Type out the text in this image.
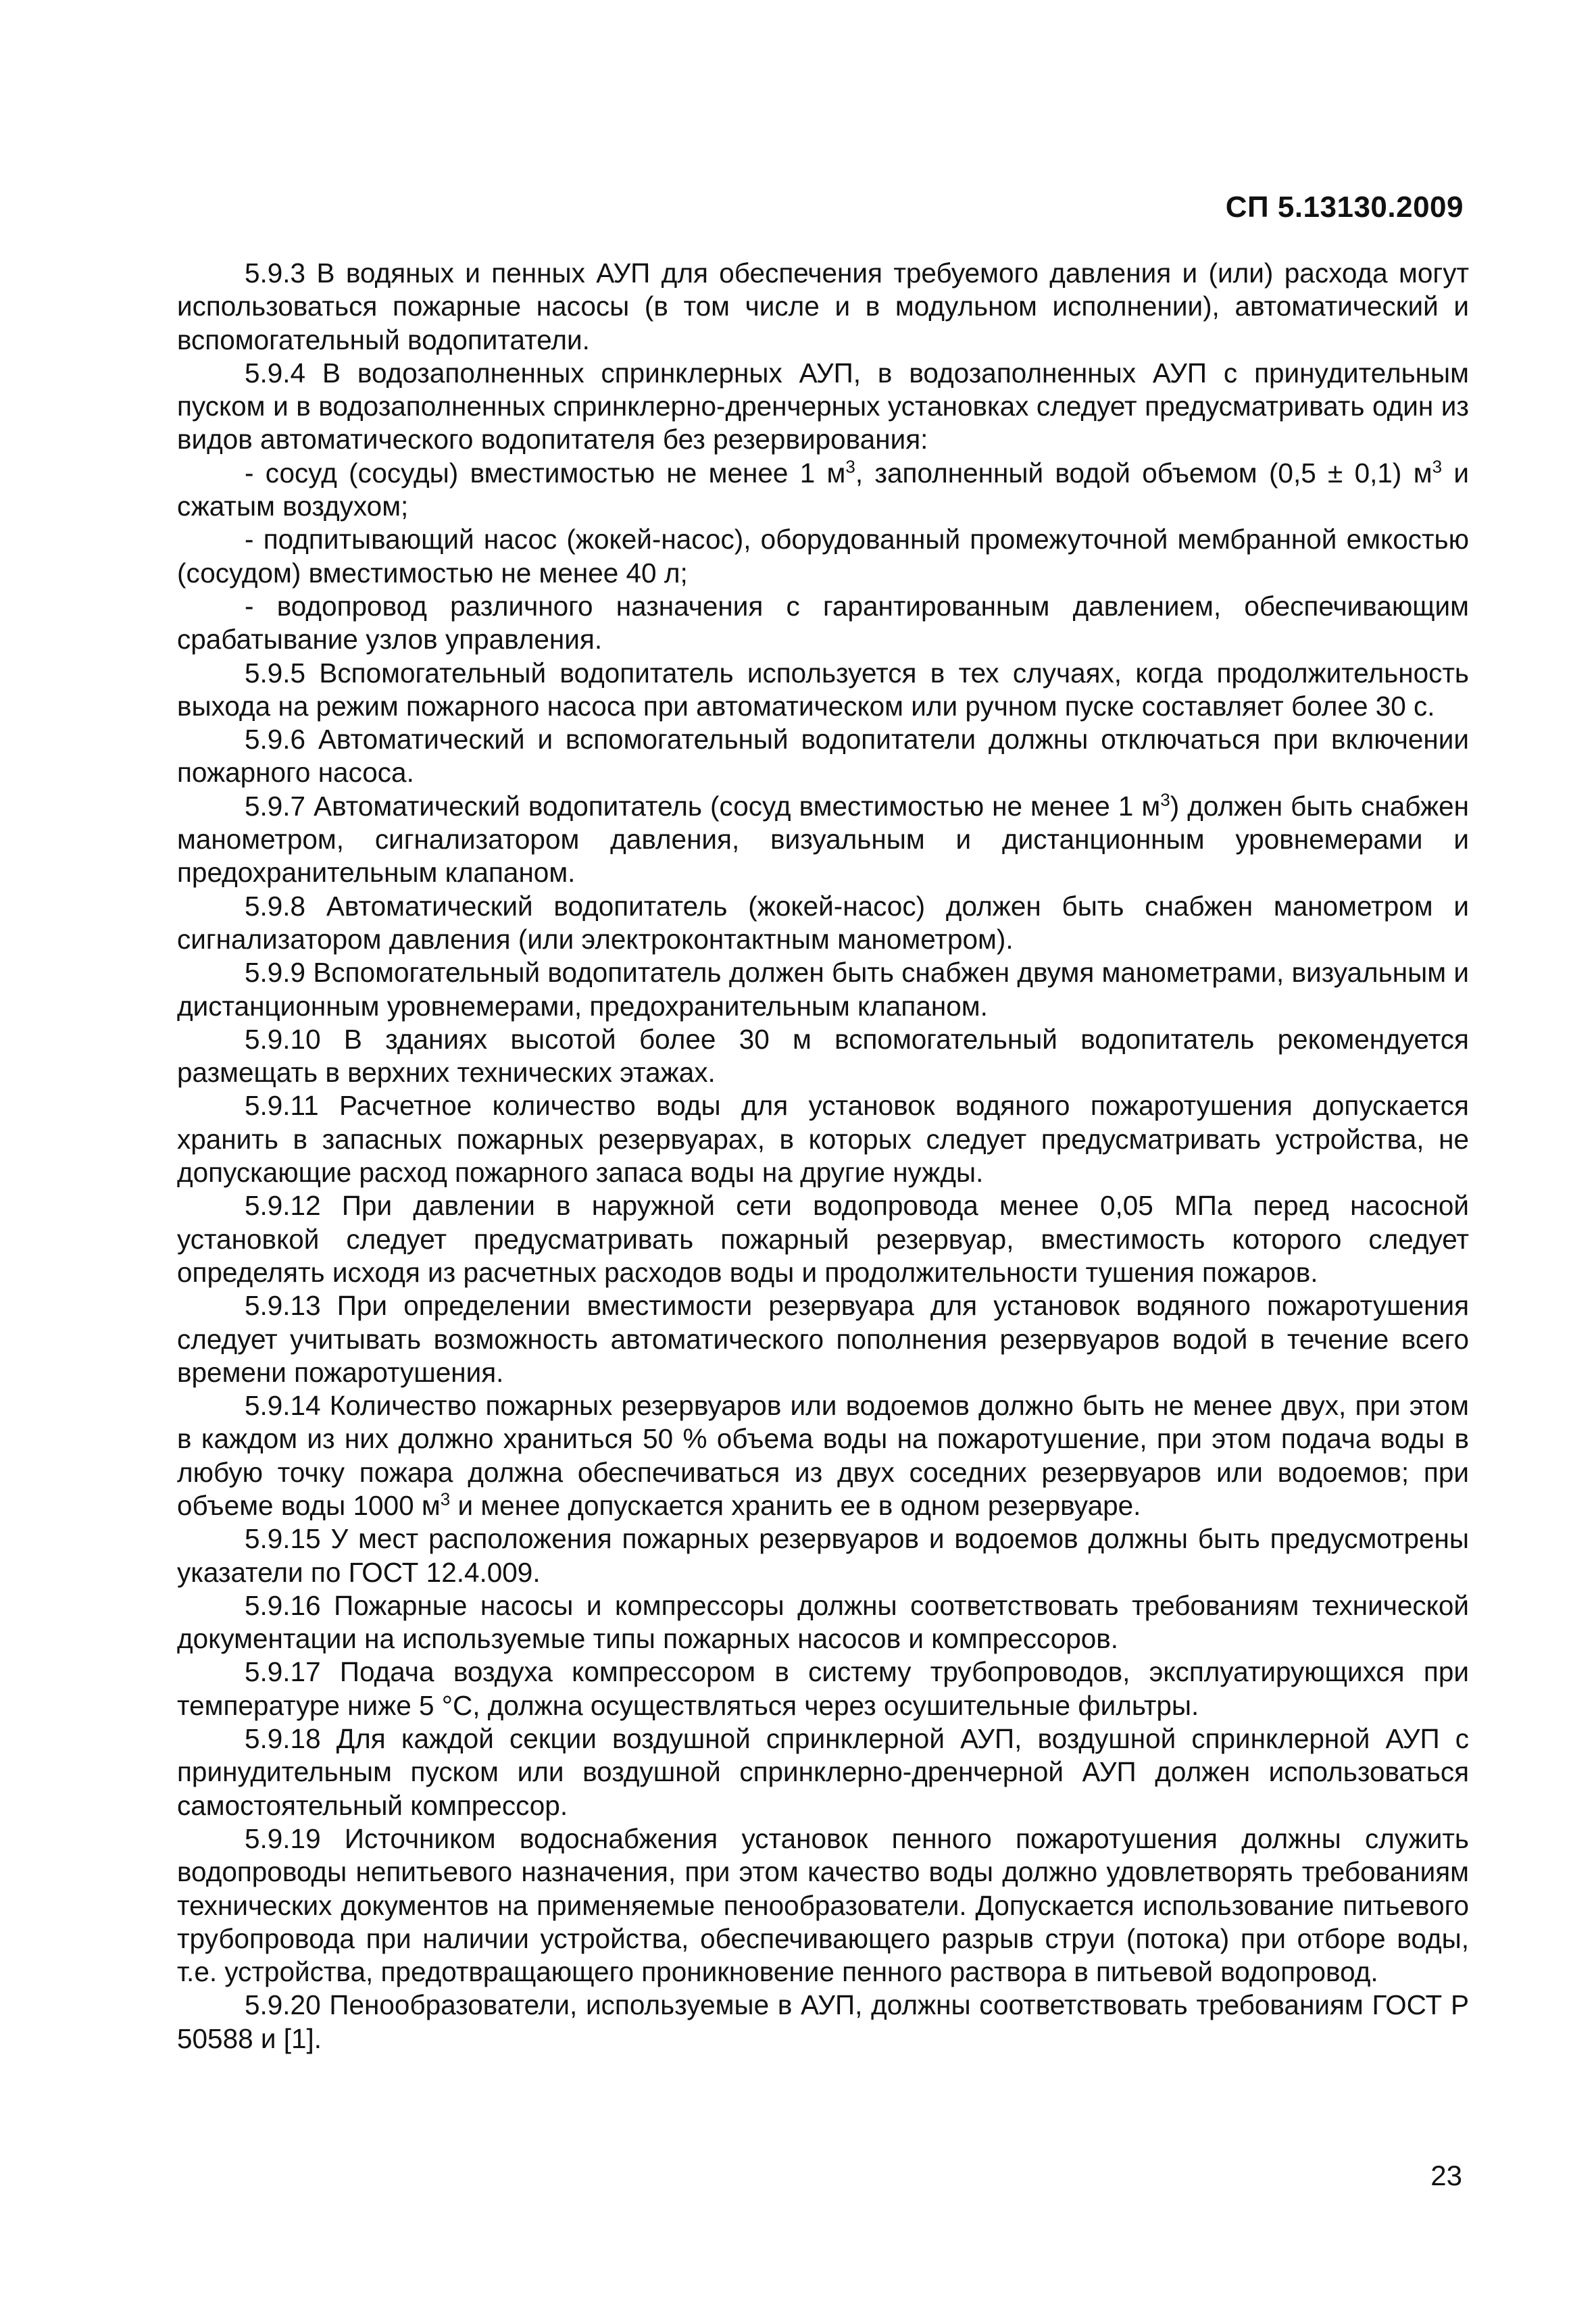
СП 5.13130.2009

5.9.3 В водяных и пенных АУП для обеспечения требуемого давления и (или) расхода могут использоваться пожарные насосы (в том числе и в модульном исполнении), автоматический и вспомогательный водопитатели.

5.9.4 В водозаполненных спринклерных АУП, в водозаполненных АУП с принудительным пуском и в водозаполненных спринклерно-дренчерных установках следует предусматривать один из видов автоматического водопитателя без резервирования:

- сосуд (сосуды) вместимостью не менее 1 $м^3$, заполненный водой объемом (0,5 ± 0,1) $м^3$ и сжатым воздухом;

- подпитывающий насос (жокей-насос), оборудованный промежуточной мембранной емкостью (сосудом) вместимостью не менее 40 л;

- водопровод различного назначения с гарантированным давлением, обеспечивающим срабатывание узлов управления.

5.9.5 Вспомогательный водопитатель используется в тех случаях, когда продолжительность выхода на режим пожарного насоса при автоматическом или ручном пуске составляет более 30 с.

5.9.6 Автоматический и вспомогательный водопитатели должны отключаться при включении пожарного насоса.

5.9.7 Автоматический водопитатель (сосуд вместимостью не менее 1 $м^3$) должен быть снабжен манометром, сигнализатором давления, визуальным и дистанционным уровнемерами и предохранительным клапаном.

5.9.8 Автоматический водопитатель (жокей-насос) должен быть снабжен манометром и сигнализатором давления (или электроконтактным манометром).

5.9.9 Вспомогательный водопитатель должен быть снабжен двумя манометрами, визуальным и дистанционным уровнемерами, предохранительным клапаном.

5.9.10 В зданиях высотой более 30 м вспомогательный водопитатель рекомендуется размещать в верхних технических этажах.

5.9.11 Расчетное количество воды для установок водяного пожаротушения допускается хранить в запасных пожарных резервуарах, в которых следует предусматривать устройства, не допускающие расход пожарного запаса воды на другие нужды.

5.9.12 При давлении в наружной сети водопровода менее 0,05 МПа перед насосной установкой следует предусматривать пожарный резервуар, вместимость которого следует определять исходя из расчетных расходов воды и продолжительности тушения пожаров.

5.9.13 При определении вместимости резервуара для установок водяного пожаротушения следует учитывать возможность автоматического пополнения резервуаров водой в течение всего времени пожаротушения.

5.9.14 Количество пожарных резервуаров или водоемов должно быть не менее двух, при этом в каждом из них должно храниться 50 % объема воды на пожаротушение, при этом подача воды в любую точку пожара должна обеспечиваться из двух соседних резервуаров или водоемов; при объеме воды 1000 $м^3$ и менее допускается хранить ее в одном резервуаре.

5.9.15 У мест расположения пожарных резервуаров и водоемов должны быть предусмотрены указатели по ГОСТ 12.4.009.

5.9.16 Пожарные насосы и компрессоры должны соответствовать требованиям технической документации на используемые типы пожарных насосов и компрессоров.

5.9.17 Подача воздуха компрессором в систему трубопроводов, эксплуатирующихся при температуре ниже 5 °С, должна осуществляться через осушительные фильтры.

5.9.18 Для каждой секции воздушной спринклерной АУП, воздушной спринклерной АУП с принудительным пуском или воздушной спринклерно-дренчерной АУП должен использоваться самостоятельный компрессор.

5.9.19 Источником водоснабжения установок пенного пожаротушения должны служить водопроводы непитьевого назначения, при этом качество воды должно удовлетворять требованиям технических документов на применяемые пенообразователи. Допускается использование питьевого трубопровода при наличии устройства, обеспечивающего разрыв струи (потока) при отборе воды, т.е. устройства, предотвращающего проникновение пенного раствора в питьевой водопровод.

5.9.20 Пенообразователи, используемые в АУП, должны соответствовать требованиям ГОСТ Р 50588 и [1].

23
